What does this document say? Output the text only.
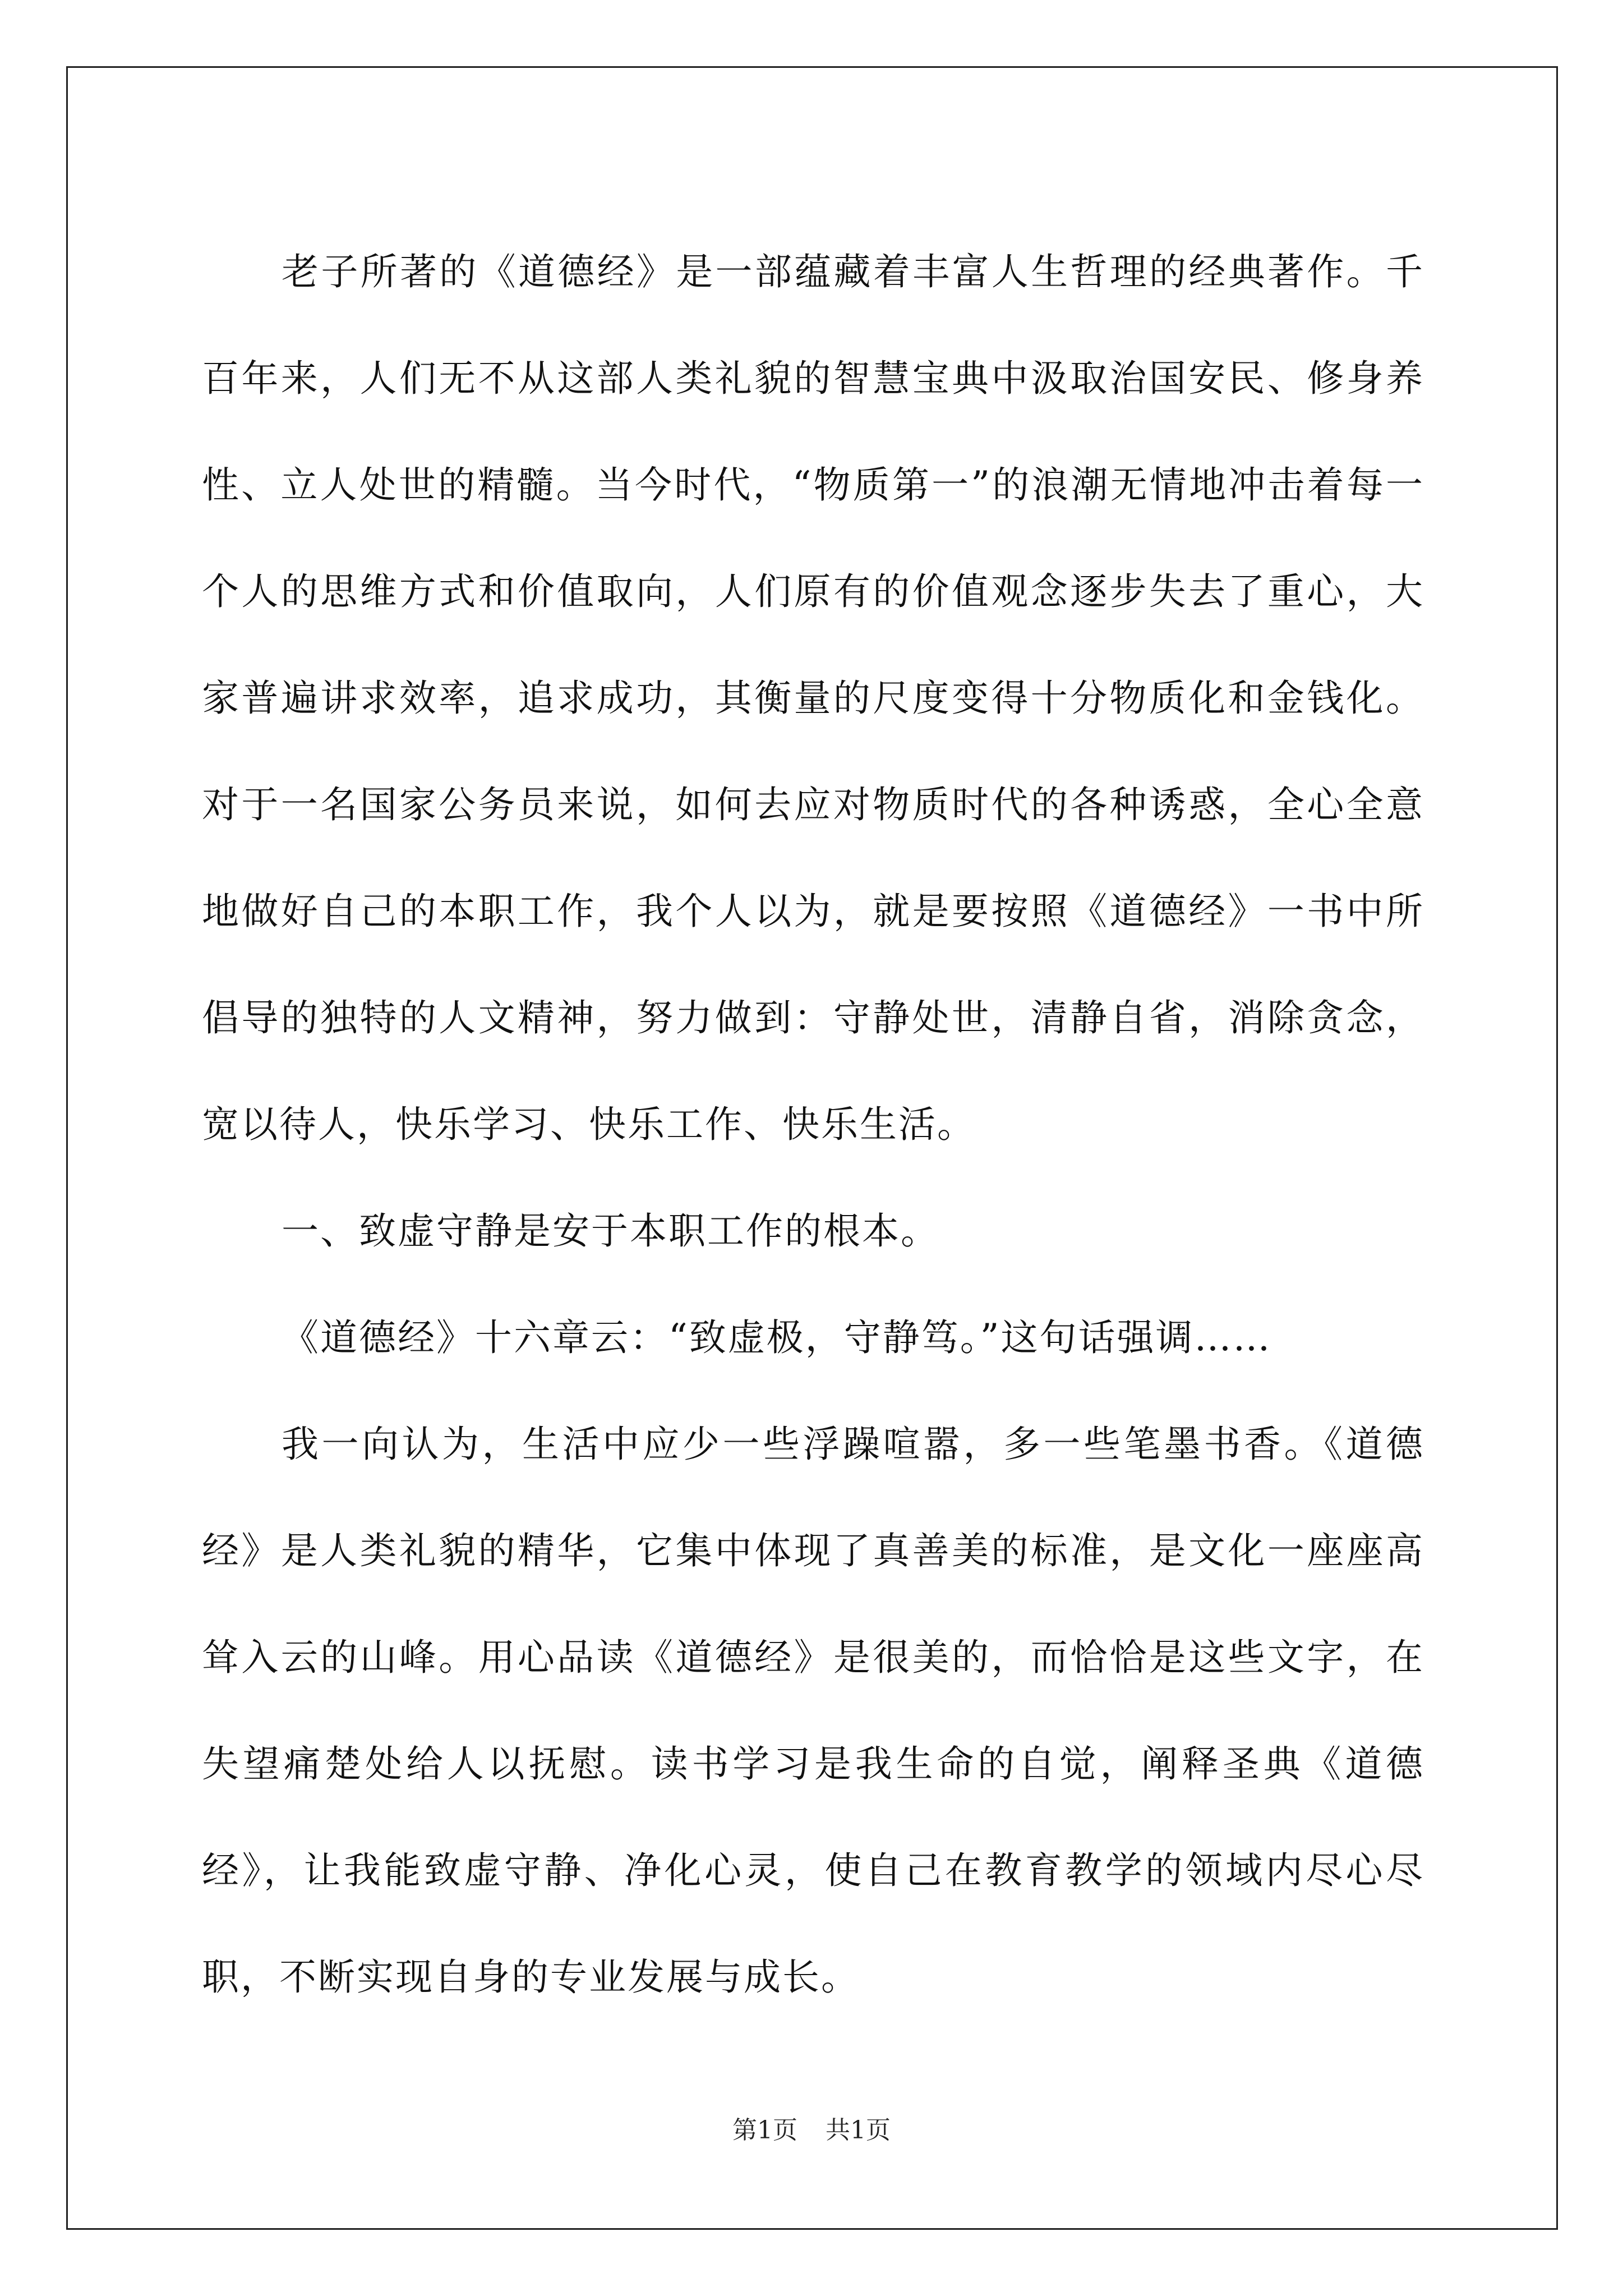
老子所著的《道德经》是一部蕴藏着丰富人生哲理的经典著作。千百年来，人们无不从这部人类礼貌的智慧宝典中汲取治国安民、修身养性、立人处世的精髓。当今时代，“物质第一”的浪潮无情地冲击着每一个人的思维方式和价值取向，人们原有的价值观念逐步失去了重心，大家普遍讲求效率，追求成功，其衡量的尺度变得十分物质化和金钱化。对于一名国家公务员来说，如何去应对物质时代的各种诱惑，全心全意地做好自己的本职工作，我个人以为，就是要按照《道德经》一书中所倡导的独特的人文精神，努力做到：守静处世，清静自省，消除贪念，宽以待人，快乐学习、快乐工作、快乐生活。

一、致虚守静是安于本职工作的根本。

《道德经》十六章云：“致虚极，守静笃。”这句话强调……

我一向认为，生活中应少一些浮躁喧嚣，多一些笔墨书香。《道德经》是人类礼貌的精华，它集中体现了真善美的标准，是文化一座座高耸入云的山峰。用心品读《道德经》是很美的，而恰恰是这些文字，在失望痛楚处给人以抚慰。读书学习是我生命的自觉，阐释圣典《道德经》，让我能致虚守静、净化心灵，使自己在教育教学的领域内尽心尽职，不断实现自身的专业发展与成长。

第1页 共1页
